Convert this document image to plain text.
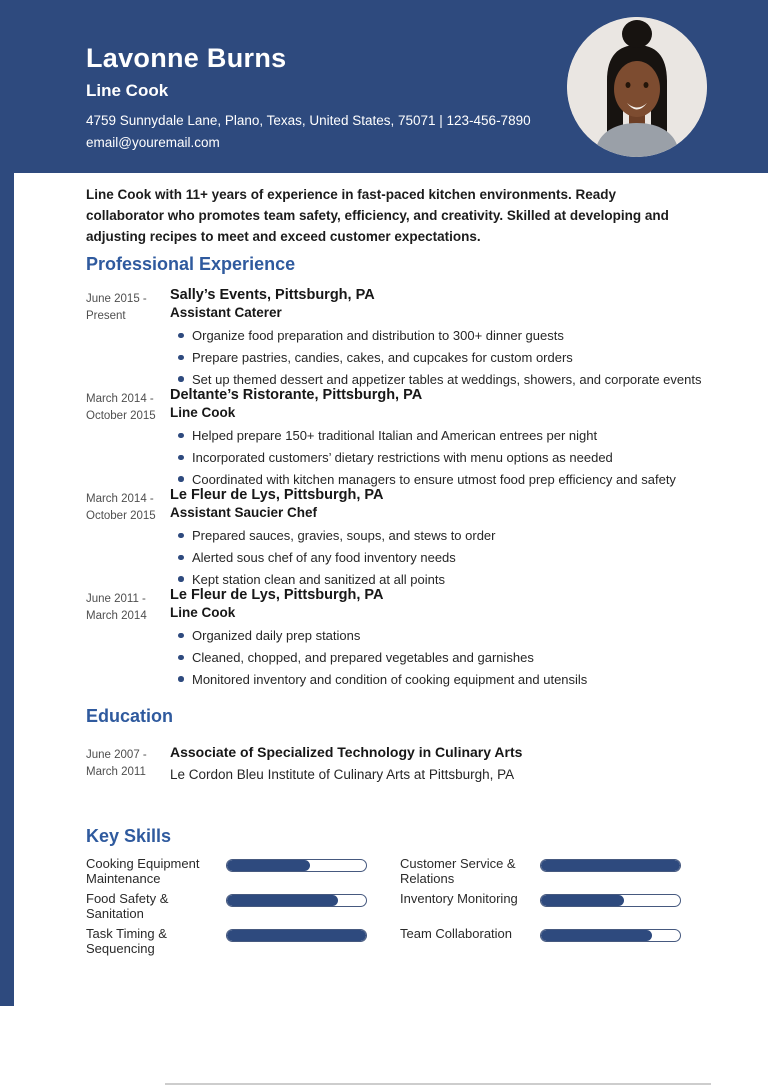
Lavonne Burns
Line Cook
4759 Sunnydale Lane, Plano, Texas, United States, 75071 | 123-456-7890
email@youremail.com

Line Cook with 11+ years of experience in fast-paced kitchen environments. Ready collaborator who promotes team safety, efficiency, and creativity. Skilled at developing and adjusting recipes to meet and exceed customer expectations.

Professional Experience
June 2015 -
Present
Sally’s Events, Pittsburgh, PA
Assistant Caterer
Organize food preparation and distribution to 300+ dinner guests
Prepare pastries, candies, cakes, and cupcakes for custom orders
Set up themed dessert and appetizer tables at weddings, showers, and corporate events
March 2014 -
October 2015
Deltante’s Ristorante, Pittsburgh, PA
Line Cook
Helped prepare 150+ traditional Italian and American entrees per night
Incorporated customers’ dietary restrictions with menu options as needed
Coordinated with kitchen managers to ensure utmost food prep efficiency and safety
March 2014 -
October 2015
Le Fleur de Lys, Pittsburgh, PA
Assistant Saucier Chef
Prepared sauces, gravies, soups, and stews to order
Alerted sous chef of any food inventory needs
Kept station clean and sanitized at all points
June 2011 -
March 2014
Le Fleur de Lys, Pittsburgh, PA
Line Cook
Organized daily prep stations
Cleaned, chopped, and prepared vegetables and garnishes
Monitored inventory and condition of cooking equipment and utensils
Education
June 2007 -
March 2011
Associate of Specialized Technology in Culinary Arts
Le Cordon Bleu Institute of Culinary Arts at Pittsburgh, PA
Key Skills
Cooking Equipment Maintenance
Food Safety & Sanitation
Task Timing & Sequencing
Customer Service & Relations
Inventory Monitoring
Team Collaboration
